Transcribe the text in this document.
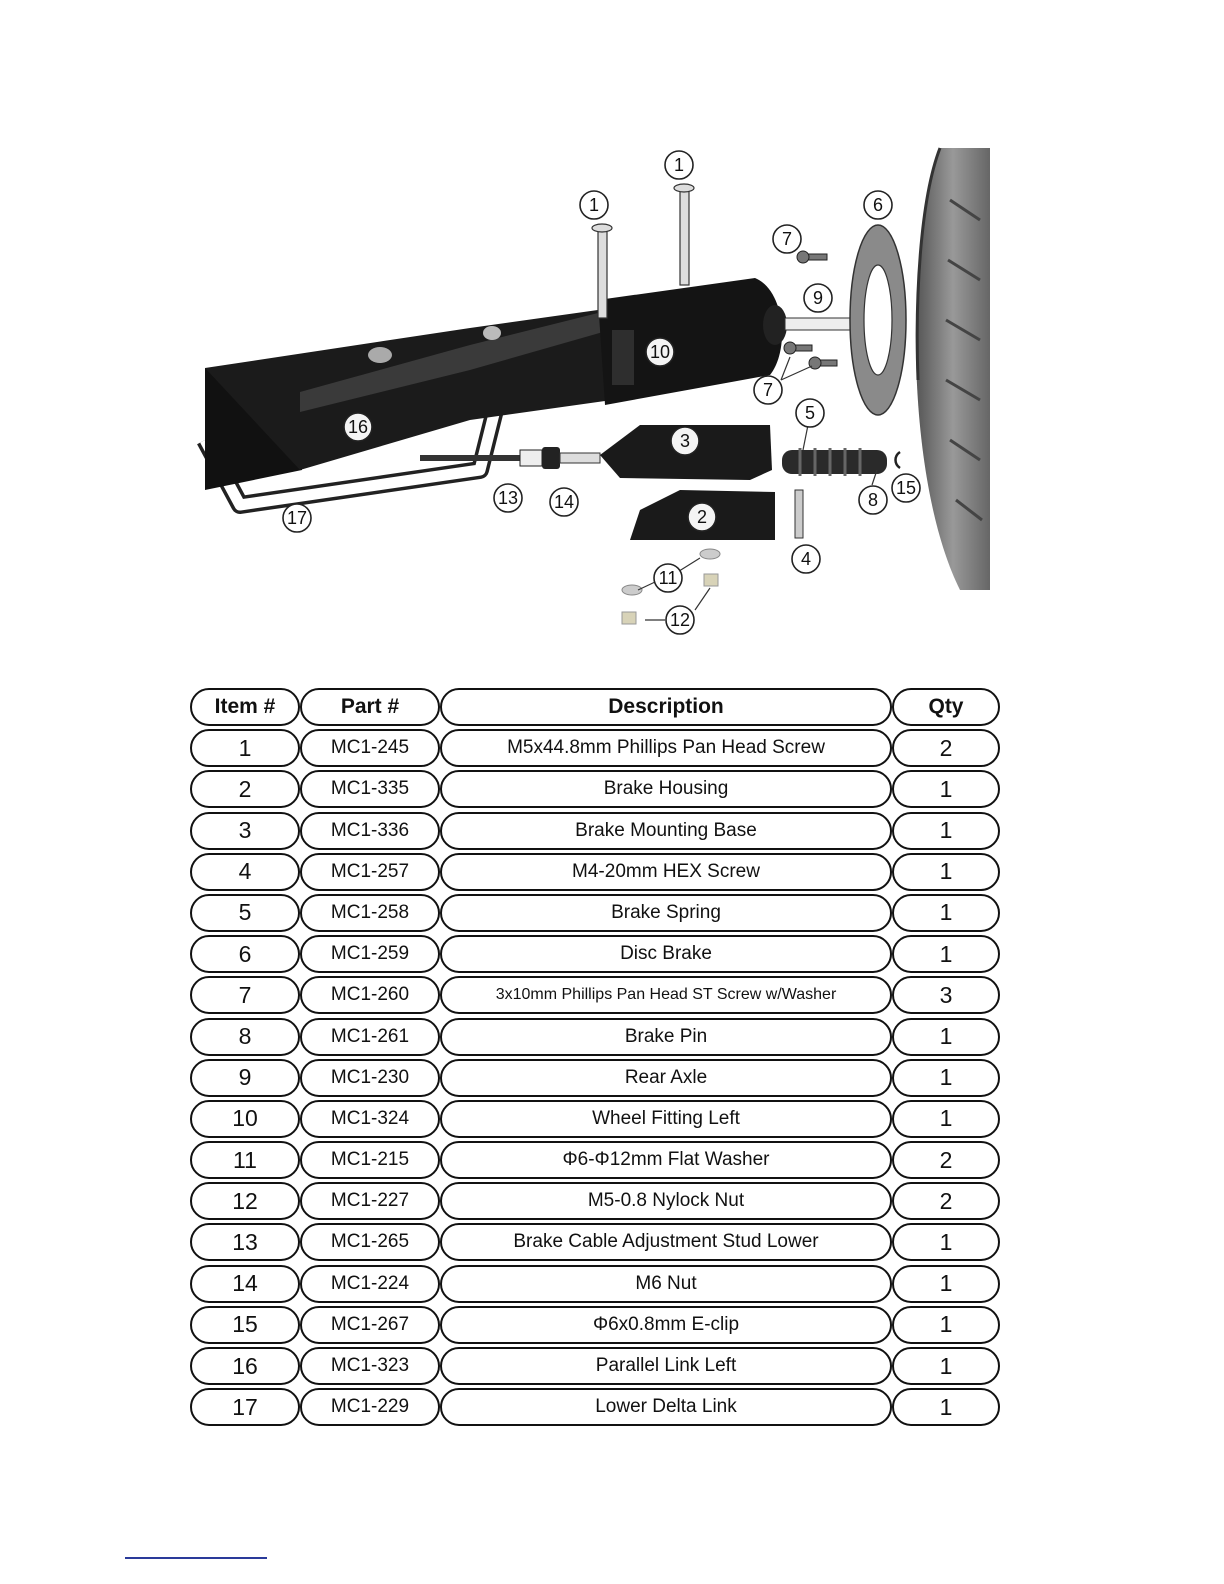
1
1
6
7
9
10
7
5
3
16
13 14
2
8
15
17
4
11
12
Item #	Part #	Description	Qty
1	MC1-245	M5x44.8mm Phillips Pan Head Screw	2
2	MC1-335	Brake Housing	1
3	MC1-336	Brake Mounting Base	1
4	MC1-257	M4-20mm HEX Screw	1
5	MC1-258	Brake Spring	1
6	MC1-259	Disc Brake	1
7	MC1-260	3x10mm Phillips Pan Head ST Screw w/Washer	3
8	MC1-261	Brake Pin	1
9	MC1-230	Rear Axle	1
10	MC1-324	Wheel Fitting Left	1
11	MC1-215	Φ6-Φ12mm Flat Washer	2
12	MC1-227	M5-0.8 Nylock Nut	2
13	MC1-265	Brake Cable Adjustment Stud Lower	1
14	MC1-224	M6 Nut	1
15	MC1-267	Φ6x0.8mm E-clip	1
16	MC1-323	Parallel Link Left	1
17	MC1-229	Lower Delta Link	1
